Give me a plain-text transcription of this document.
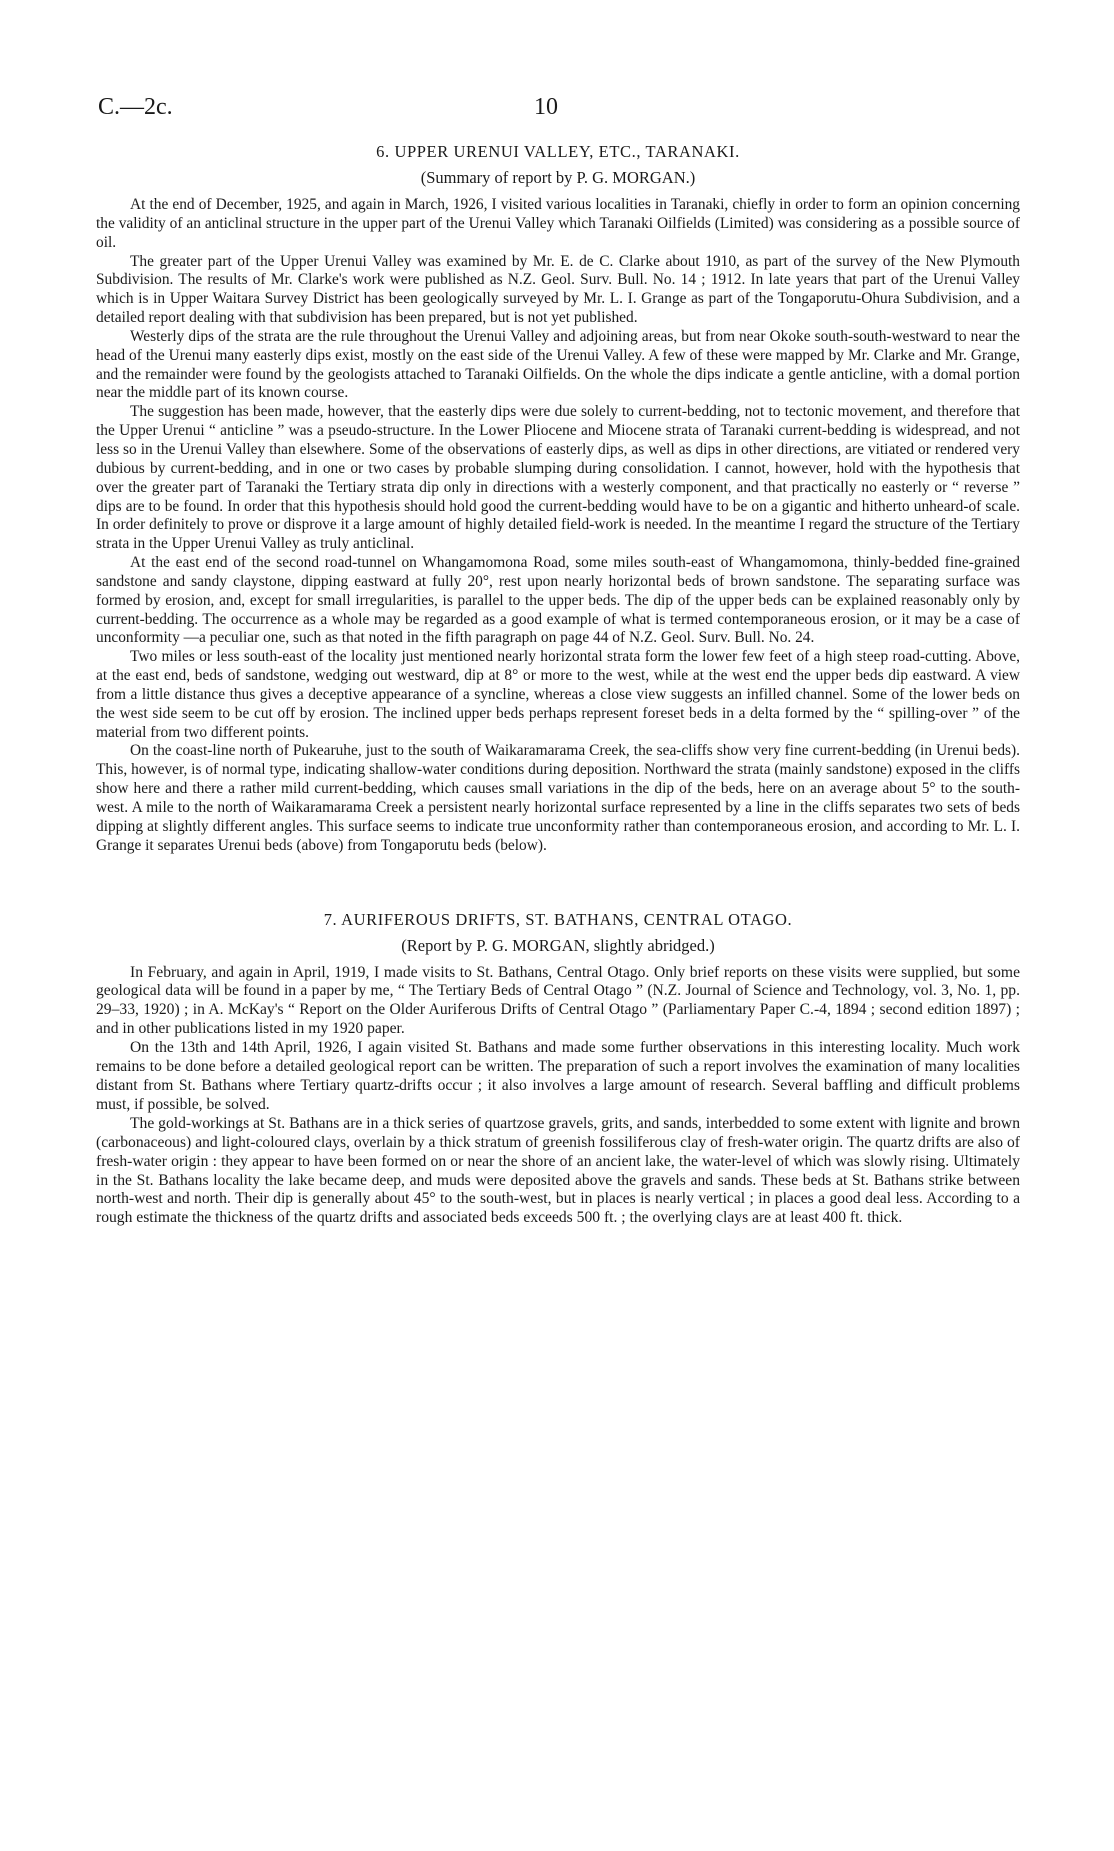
C.—2c.	10
6. UPPER URENUI VALLEY, ETC., TARANAKI.
(Summary of report by P. G. MORGAN.)

At the end of December, 1925, and again in March, 1926, I visited various localities in Taranaki, chiefly in order to form an opinion concerning the validity of an anticlinal structure in the upper part of the Urenui Valley which Taranaki Oilfields (Limited) was considering as a possible source of oil.

The greater part of the Upper Urenui Valley was examined by Mr. E. de C. Clarke about 1910, as part of the survey of the New Plymouth Subdivision. The results of Mr. Clarke's work were published as N.Z. Geol. Surv. Bull. No. 14 ; 1912. In late years that part of the Urenui Valley which is in Upper Waitara Survey District has been geologically surveyed by Mr. L. I. Grange as part of the Tongaporutu-Ohura Subdivision, and a detailed report dealing with that subdivision has been prepared, but is not yet published.

Westerly dips of the strata are the rule throughout the Urenui Valley and adjoining areas, but from near Okoke south-south-westward to near the head of the Urenui many easterly dips exist, mostly on the east side of the Urenui Valley. A few of these were mapped by Mr. Clarke and Mr. Grange, and the remainder were found by the geologists attached to Taranaki Oilfields. On the whole the dips indicate a gentle anticline, with a domal portion near the middle part of its known course.

The suggestion has been made, however, that the easterly dips were due solely to current-bedding, not to tectonic movement, and therefore that the Upper Urenui “ anticline ” was a pseudo-structure. In the Lower Pliocene and Miocene strata of Taranaki current-bedding is widespread, and not less so in the Urenui Valley than elsewhere. Some of the observations of easterly dips, as well as dips in other directions, are vitiated or rendered very dubious by current-bedding, and in one or two cases by probable slumping during consolidation. I cannot, however, hold with the hypothesis that over the greater part of Taranaki the Tertiary strata dip only in directions with a westerly component, and that practically no easterly or “ reverse ” dips are to be found. In order that this hypothesis should hold good the current-bedding would have to be on a gigantic and hitherto unheard-of scale. In order definitely to prove or disprove it a large amount of highly detailed field-work is needed. In the meantime I regard the structure of the Tertiary strata in the Upper Urenui Valley as truly anticlinal.

At the east end of the second road-tunnel on Whangamomona Road, some miles south-east of Whangamomona, thinly-bedded fine-grained sandstone and sandy claystone, dipping eastward at fully 20°, rest upon nearly horizontal beds of brown sandstone. The separating surface was formed by erosion, and, except for small irregularities, is parallel to the upper beds. The dip of the upper beds can be explained reasonably only by current-bedding. The occurrence as a whole may be regarded as a good example of what is termed contemporaneous erosion, or it may be a case of unconformity —a peculiar one, such as that noted in the fifth paragraph on page 44 of N.Z. Geol. Surv. Bull. No. 24.

Two miles or less south-east of the locality just mentioned nearly horizontal strata form the lower few feet of a high steep road-cutting. Above, at the east end, beds of sandstone, wedging out westward, dip at 8° or more to the west, while at the west end the upper beds dip eastward. A view from a little distance thus gives a deceptive appearance of a syncline, whereas a close view suggests an infilled channel. Some of the lower beds on the west side seem to be cut off by erosion. The inclined upper beds perhaps represent foreset beds in a delta formed by the “ spilling-over ” of the material from two different points.

On the coast-line north of Pukearuhe, just to the south of Waikaramarama Creek, the sea-cliffs show very fine current-bedding (in Urenui beds). This, however, is of normal type, indicating shallow-water conditions during deposition. Northward the strata (mainly sandstone) exposed in the cliffs show here and there a rather mild current-bedding, which causes small variations in the dip of the beds, here on an average about 5° to the south-west. A mile to the north of Waikaramarama Creek a persistent nearly horizontal surface represented by a line in the cliffs separates two sets of beds dipping at slightly different angles. This surface seems to indicate true unconformity rather than contemporaneous erosion, and according to Mr. L. I. Grange it separates Urenui beds (above) from Tongaporutu beds (below).

7. AURIFEROUS DRIFTS, ST. BATHANS, CENTRAL OTAGO.
(Report by P. G. MORGAN, slightly abridged.)

In February, and again in April, 1919, I made visits to St. Bathans, Central Otago. Only brief reports on these visits were supplied, but some geological data will be found in a paper by me, “ The Tertiary Beds of Central Otago ” (N.Z. Journal of Science and Technology, vol. 3, No. 1, pp. 29–33, 1920) ; in A. McKay's “ Report on the Older Auriferous Drifts of Central Otago ” (Parliamentary Paper C.-4, 1894 ; second edition 1897) ; and in other publications listed in my 1920 paper.

On the 13th and 14th April, 1926, I again visited St. Bathans and made some further observations in this interesting locality. Much work remains to be done before a detailed geological report can be written. The preparation of such a report involves the examination of many localities distant from St. Bathans where Tertiary quartz-drifts occur ; it also involves a large amount of research. Several baffling and difficult problems must, if possible, be solved.

The gold-workings at St. Bathans are in a thick series of quartzose gravels, grits, and sands, interbedded to some extent with lignite and brown (carbonaceous) and light-coloured clays, overlain by a thick stratum of greenish fossiliferous clay of fresh-water origin. The quartz drifts are also of fresh-water origin : they appear to have been formed on or near the shore of an ancient lake, the water-level of which was slowly rising. Ultimately in the St. Bathans locality the lake became deep, and muds were deposited above the gravels and sands. These beds at St. Bathans strike between north-west and north. Their dip is generally about 45° to the south-west, but in places is nearly vertical ; in places a good deal less. According to a rough estimate the thickness of the quartz drifts and associated beds exceeds 500 ft. ; the overlying clays are at least 400 ft. thick.
